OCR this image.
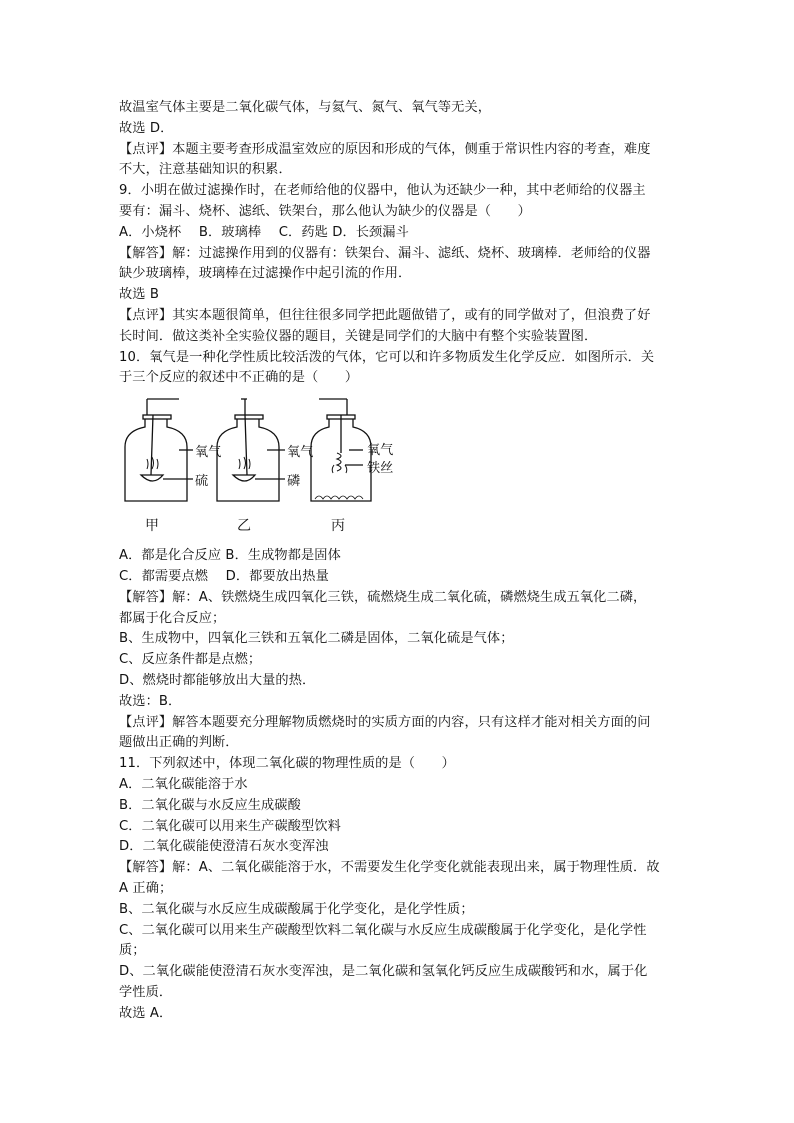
故温室气体主要是二氧化碳气体，与氦气、氮气、氧气等无关，
故选 D．
【点评】本题主要考查形成温室效应的原因和形成的气体，侧重于常识性内容的考查，难度
不大，注意基础知识的积累．
9．小明在做过滤操作时，在老师给他的仪器中，他认为还缺少一种，其中老师给的仪器主
要有：漏斗、烧杯、滤纸、铁架台，那么他认为缺少的仪器是（　　）
A．小烧杯　 B．玻璃棒　 C．药匙 D．长颈漏斗
【解答】解：过滤操作用到的仪器有：铁架台、漏斗、滤纸、烧杯、玻璃棒．老师给的仪器
缺少玻璃棒，玻璃棒在过滤操作中起引流的作用．
故选 B
【点评】其实本题很简单，但往往很多同学把此题做错了，或有的同学做对了，但浪费了好
长时间．做这类补全实验仪器的题目，关键是同学们的大脑中有整个实验装置图．
10．氧气是一种化学性质比较活泼的气体，它可以和许多物质发生化学反应．如图所示．关
于三个反应的叙述中不正确的是（　　）
氧气
硫
氧气
磷
氧气
铁丝
甲	乙	丙
A．都是化合反应 B．生成物都是固体
C．都需要点燃　 D．都要放出热量
【解答】解：A、铁燃烧生成四氧化三铁，硫燃烧生成二氧化硫，磷燃烧生成五氧化二磷，
都属于化合反应；
B、生成物中，四氧化三铁和五氧化二磷是固体，二氧化硫是气体；
C、反应条件都是点燃；
D、燃烧时都能够放出大量的热．
故选：B．
【点评】解答本题要充分理解物质燃烧时的实质方面的内容，只有这样才能对相关方面的问
题做出正确的判断．
11．下列叙述中，体现二氧化碳的物理性质的是（　　）
A．二氧化碳能溶于水
B．二氧化碳与水反应生成碳酸
C．二氧化碳可以用来生产碳酸型饮料
D．二氧化碳能使澄清石灰水变浑浊
【解答】解：A、二氧化碳能溶于水，不需要发生化学变化就能表现出来，属于物理性质．故
A 正确；
B、二氧化碳与水反应生成碳酸属于化学变化，是化学性质；
C、二氧化碳可以用来生产碳酸型饮料二氧化碳与水反应生成碳酸属于化学变化，是化学性
质；
D、二氧化碳能使澄清石灰水变浑浊，是二氧化碳和氢氧化钙反应生成碳酸钙和水，属于化
学性质．
故选 A．
